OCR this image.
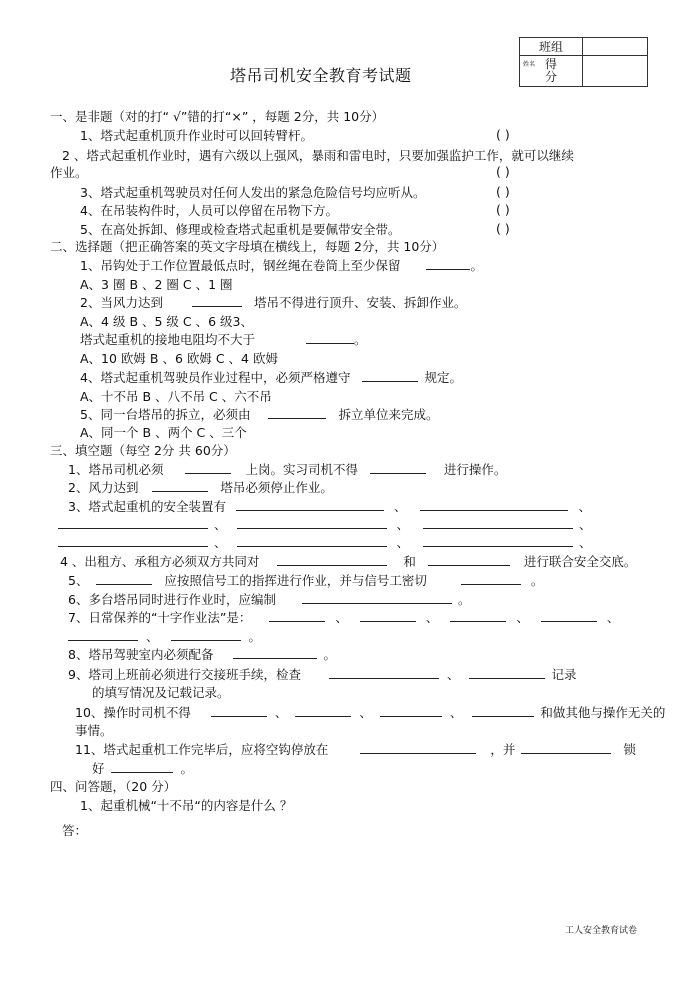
班组	

姓名 得
分	
塔吊司机安全教育考试题
一、是非题（对的打“ √”错的打“×” ，每题 2分，共 10分）
1、塔式起重机顶升作业时可以回转臂杆。	( )
2 、塔式起重机作业时，遇有六级以上强风，暴雨和雷电时，只要加强监护工作，就可以继续
作业。	( )
3、塔式起重机驾驶员对任何人发出的紧急危险信号均应听从。	( )
4、在吊装构件时，人员可以停留在吊物下方。	( )
5、在高处拆卸、修理或检查塔式起重机是要佩带安全带。	( )
二、选择题（把正确答案的英文字母填在横线上，每题 2分，共 10分）
1、吊钩处于工作位置最低点时，钢丝绳在卷筒上至少保留	。
A、3 圈 B 、2 圈 C 、1 圈
2、当风力达到	塔吊不得进行顶升、安装、拆卸作业。
A、4 级 B 、5 级 C 、6 级3、
塔式起重机的接地电阻均不大于	。
A、10 欧姆 B 、6 欧姆 C 、4 欧姆
4、塔式起重机驾驶员作业过程中，必须严格遵守	规定。
A、十不吊 B 、八不吊 C 、六不吊
5、同一台塔吊的拆立，必须由	拆立单位来完成。
A、同一个 B 、两个 C 、三个
三、填空题（每空 2分 共 60分）
1、塔吊司机必须	上岗。实习司机不得	进行操作。
2、风力达到	塔吊必须停止作业。
3、塔式起重机的安全装置有	、	、
、	、	、
、	、	、
4 、出租方、承租方必须双方共同对	和	进行联合安全交底。
5、	应按照信号工的指挥进行作业，并与信号工密切	。
6、多台塔吊同时进行作业时，应编制	。
7、日常保养的“十字作业法”是：	、	、	、	、
、	。
8、塔吊驾驶室内必须配备	。
9、塔司上班前必须进行交接班手续，检查	、	记录
的填写情况及记载记录。
10、操作时司机不得	、	、	、	和做其他与操作无关的
事情。
11、塔式起重机工作完毕后，应将空钩停放在	，并	锁
好	。
四、问答题，（20 分）
1、起重机械“十不吊“的内容是什么 ？
答：
工人安全教育试卷
